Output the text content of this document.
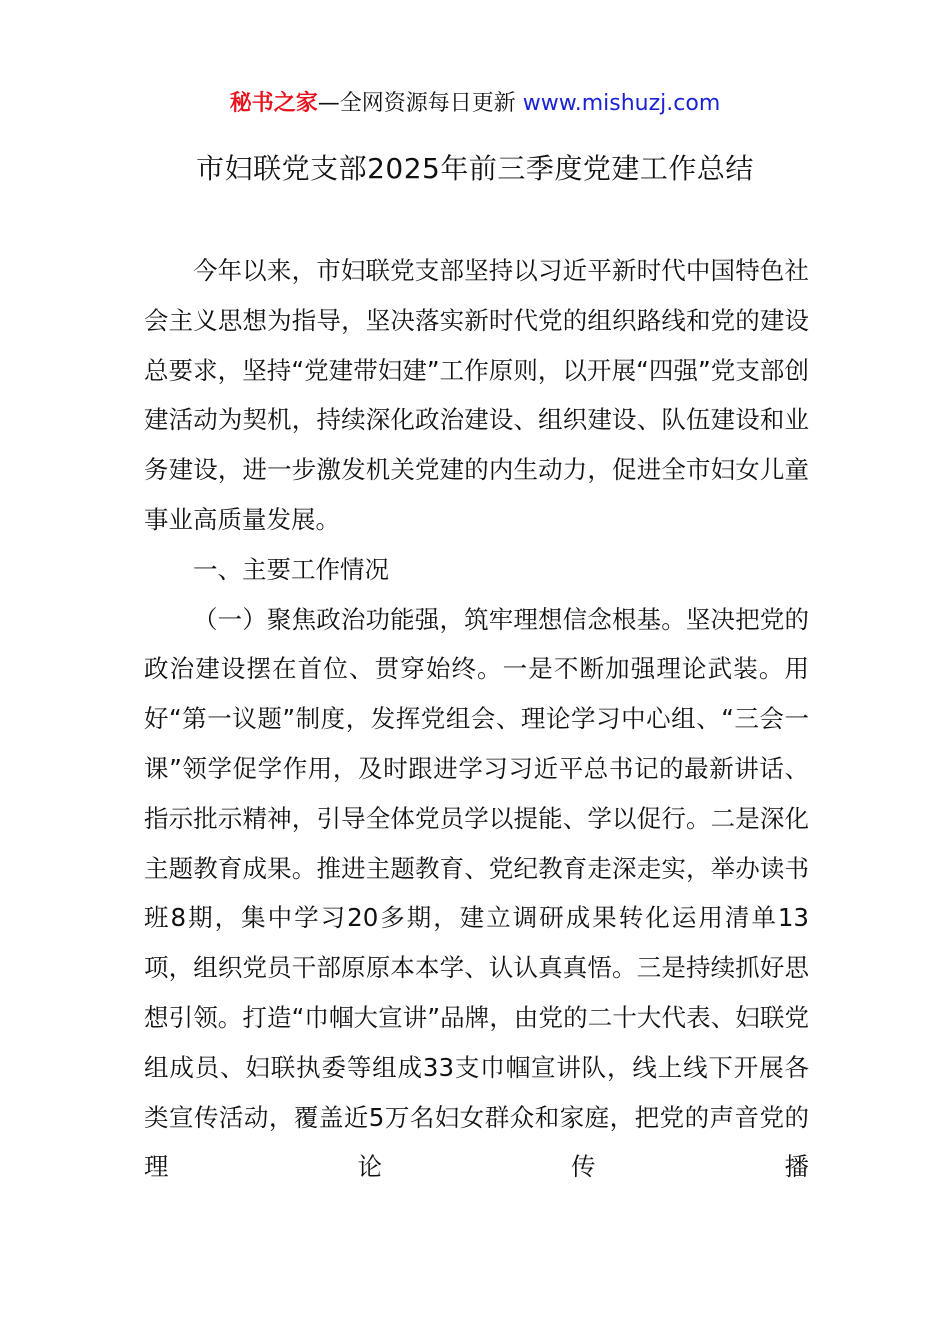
秘书之家—全网资源每日更新 www.mishuzj.com
市妇联党支部2025年前三季度党建工作总结

今年以来，市妇联党支部坚持以习近平新时代中国特色社会主义思想为指导，坚决落实新时代党的组织路线和党的建设总要求，坚持“党建带妇建”工作原则，以开展“四强”党支部创建活动为契机，持续深化政治建设、组织建设、队伍建设和业务建设，进一步激发机关党建的内生动力，促进全市妇女儿童事业高质量发展。

一、主要工作情况

（一）聚焦政治功能强，筑牢理想信念根基。坚决把党的政治建设摆在首位、贯穿始终。一是不断加强理论武装。用好“第一议题”制度，发挥党组会、理论学习中心组、“三会一课”领学促学作用，及时跟进学习习近平总书记的最新讲话、指示批示精神，引导全体党员学以提能、学以促行。二是深化主题教育成果。推进主题教育、党纪教育走深走实，举办读书班8期，集中学习20多期，建立调研成果转化运用清单13项，组织党员干部原原本本学、认认真真悟。三是持续抓好思想引领。打造“巾帼大宣讲”品牌，由党的二十大代表、妇联党组成员、妇联执委等组成33支巾帼宣讲队，线上线下开展各类宣传活动，覆盖近5万名妇女群众和家庭，把党的声音党的理论传播
